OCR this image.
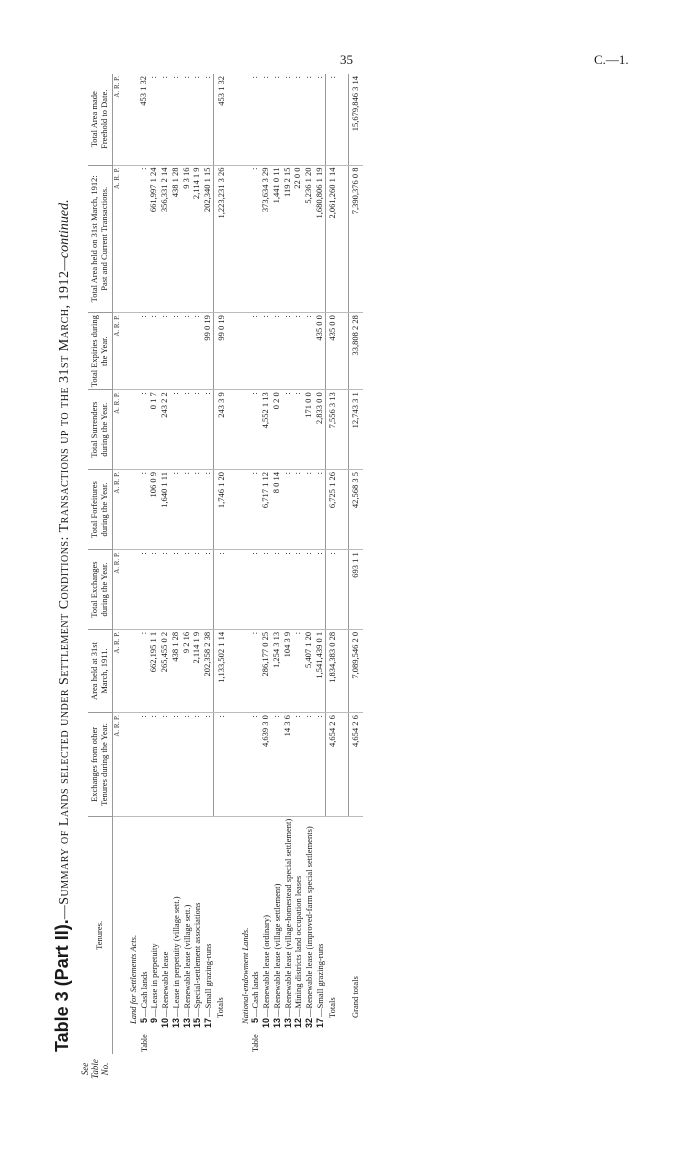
35	C.—1.
Table 3 (Part II).—Summary of Lands selected under Settlement Conditions: Transactions up to the 31st March, 1912—continued.
See Table No.
Tenures.	Exchanges from other Tenures during the Year.	Area held at 31st March, 1911.	Total Exchanges during the Year.	Total Forfeitures during the Year.	Total Surrenders during the Year.	Total Expiries during the Year.	Total Area held on 31st March, 1912: Past and Current Transactions.	Total Area made Freehold to Date.
	A. R. P.	A. R. P.	A. R. P.	A. R. P.	A. R. P.	A. R. P.	A. R. P.	A. R. P.
Land for Settlements Acts.								
Table5—Cash lands	:	:	:	:	:	:	:	453 1 32
9—Lease in perpetuity	:	662,195 1 1	:	106 0 9	0 1 7	:	661,997 1 24	:
10—Renewable lease	:	265,455 0 2	:	1,640 1 11	243 2 2	:	356,331 2 14	:
13—Lease in perpetuity (village sett.)	:	438 1 28	:	:	:	:	438 1 28	:
13—Renewable lease (village sett.)	:	9 2 16	:	:	:	:	9 3 16	:
15—Special-settlement associations	:	2,114 1 9	:	:	:	:	2,114 1 9	:
17—Small grazing-runs	:	202,358 2 38	:	:	:	99 0 19	202,340 1 15	:
Totals	:	1,133,502 1 14	:	1,746 1 20	243 3 9	99 0 19	1,223,231 3 26	453 1 32

National-endowment Lands.								
Table5—Cash lands	:	:	:	:	:	:	:	:
10—Renewable lease (ordinary)	4,639 3 0	286,177 0 25	:	6,717 1 12	4,552 1 13	:	373,634 3 29	:
13—Renewable lease (village settlement)	:	1,254 3 13	:	8 0 14	0 2 0	:	1,441 0 11	:
13—Renewable lease (village-homestead special settlement)	14 3 6	104 3 9	:	:	:	:	119 2 15	:
12—Mining districts land occupation leases	:	:	:	:	:	:	22 0 0	:
32—Renewable lease (improved-farm special settlements)	:	5,407 1 20	:	:	171 0 0	:	5,236 1 20	:
17—Small grazing-runs	:	1,541,439 0 1	:	:	2,833 0 0	435 0 0	1,680,806 1 19	:
Totals	4,654 2 6	1,834,383 0 28	:	6,725 1 26	7,556 3 13	435 0 0	2,061,260 1 14	:

Grand totals	4,654 2 6	7,089,546 2 0	693 1 1	42,568 3 5	12,743 3 1	33,808 2 28	7,390,376 0 8	15,679,846 3 14
